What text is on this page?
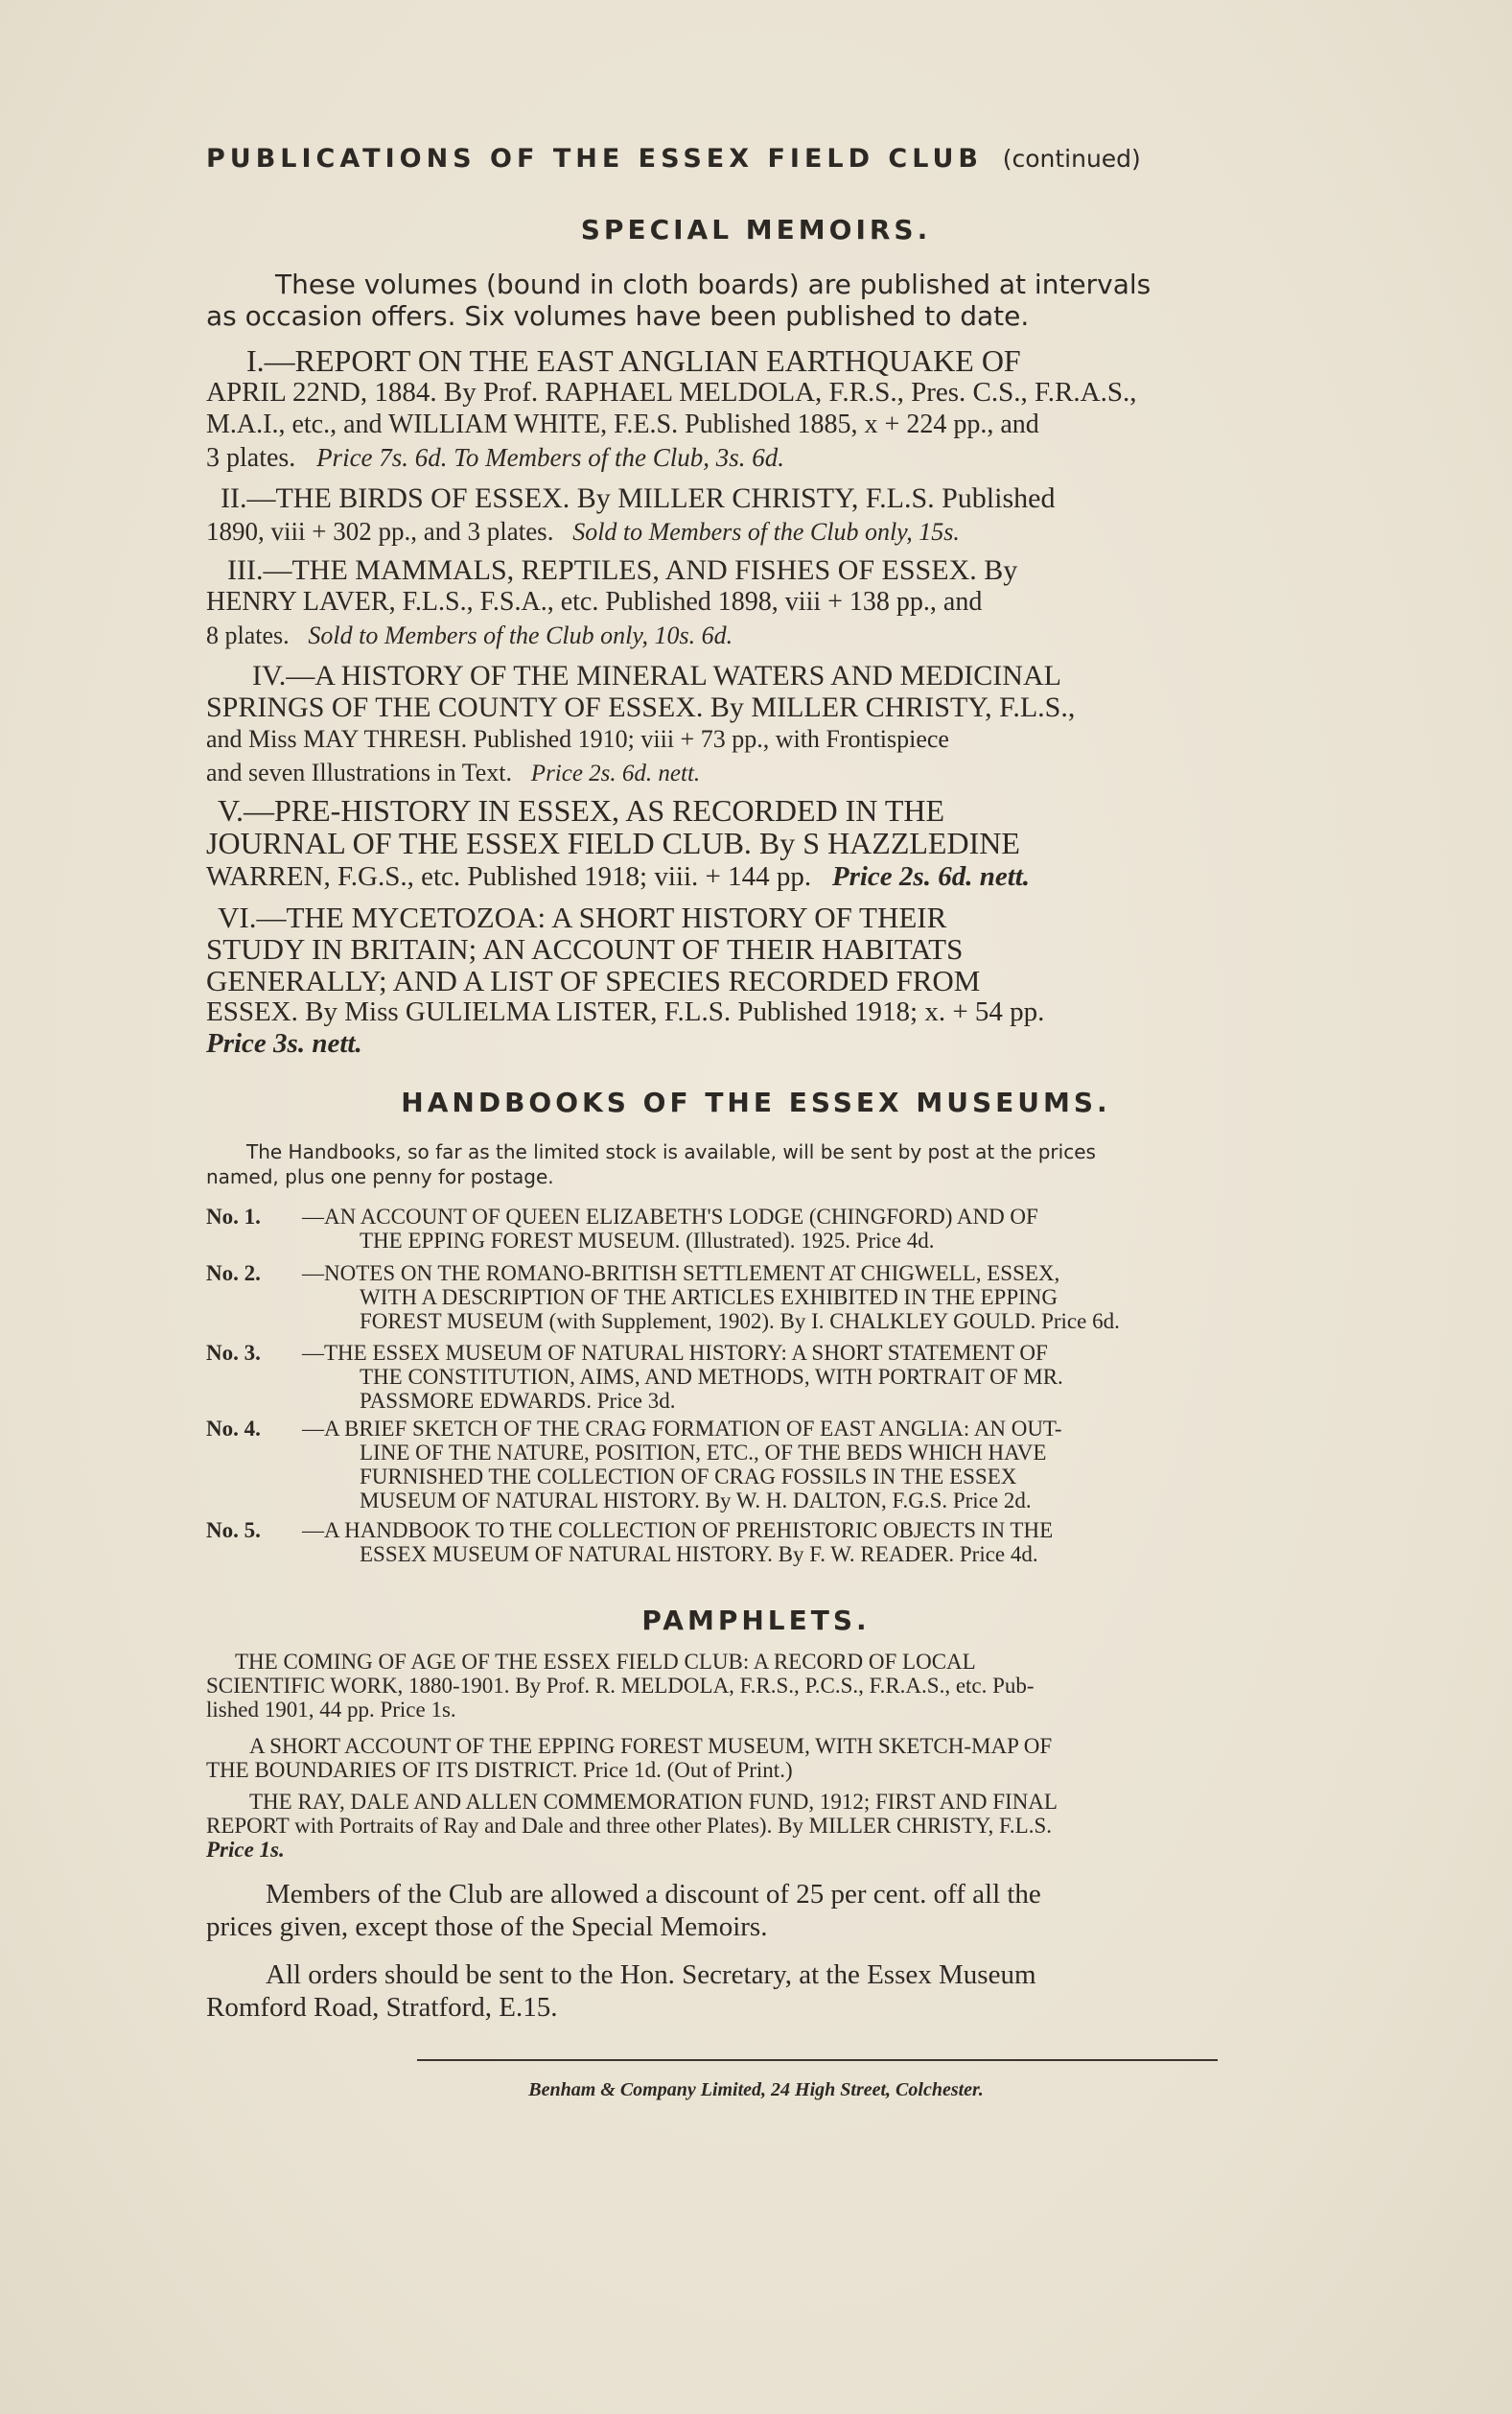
PUBLICATIONS OF THE ESSEX FIELD CLUB (continued)
SPECIAL MEMOIRS.
These volumes (bound in cloth boards) are published at intervals
as occasion offers. Six volumes have been published to date.
I.—REPORT ON THE EAST ANGLIAN EARTHQUAKE OF
APRIL 22ND, 1884. By Prof. RAPHAEL MELDOLA, F.R.S., Pres. C.S., F.R.A.S.,
M.A.I., etc., and WILLIAM WHITE, F.E.S. Published 1885, x + 224 pp., and
3 plates. Price 7s. 6d. To Members of the Club, 3s. 6d.
II.—THE BIRDS OF ESSEX. By MILLER CHRISTY, F.L.S. Published
1890, viii + 302 pp., and 3 plates. Sold to Members of the Club only, 15s.
III.—THE MAMMALS, REPTILES, AND FISHES OF ESSEX. By
HENRY LAVER, F.L.S., F.S.A., etc. Published 1898, viii + 138 pp., and
8 plates. Sold to Members of the Club only, 10s. 6d.
IV.—A HISTORY OF THE MINERAL WATERS AND MEDICINAL
SPRINGS OF THE COUNTY OF ESSEX. By MILLER CHRISTY, F.L.S.,
and Miss MAY THRESH. Published 1910; viii + 73 pp., with Frontispiece
and seven Illustrations in Text. Price 2s. 6d. nett.
V.—PRE-HISTORY IN ESSEX, AS RECORDED IN THE
JOURNAL OF THE ESSEX FIELD CLUB. By S HAZZLEDINE
WARREN, F.G.S., etc. Published 1918; viii. + 144 pp. Price 2s. 6d. nett.
VI.—THE MYCETOZOA: A SHORT HISTORY OF THEIR
STUDY IN BRITAIN; AN ACCOUNT OF THEIR HABITATS
GENERALLY; AND A LIST OF SPECIES RECORDED FROM
ESSEX. By Miss GULIELMA LISTER, F.L.S. Published 1918; x. + 54 pp.
Price 3s. nett.
HANDBOOKS OF THE ESSEX MUSEUMS.
The Handbooks, so far as the limited stock is available, will be sent by post at the prices
named, plus one penny for postage.
No. 1. —AN ACCOUNT OF QUEEN ELIZABETH'S LODGE (CHINGFORD) AND OF
THE EPPING FOREST MUSEUM. (Illustrated). 1925. Price 4d.
No. 2. —NOTES ON THE ROMANO-BRITISH SETTLEMENT AT CHIGWELL, ESSEX,
WITH A DESCRIPTION OF THE ARTICLES EXHIBITED IN THE EPPING
FOREST MUSEUM (with Supplement, 1902). By I. CHALKLEY GOULD. Price 6d.
No. 3. —THE ESSEX MUSEUM OF NATURAL HISTORY: A SHORT STATEMENT OF
THE CONSTITUTION, AIMS, AND METHODS, WITH PORTRAIT OF MR.
PASSMORE EDWARDS. Price 3d.
No. 4. —A BRIEF SKETCH OF THE CRAG FORMATION OF EAST ANGLIA: AN OUT-
LINE OF THE NATURE, POSITION, ETC., OF THE BEDS WHICH HAVE
FURNISHED THE COLLECTION OF CRAG FOSSILS IN THE ESSEX
MUSEUM OF NATURAL HISTORY. By W. H. DALTON, F.G.S. Price 2d.
No. 5. —A HANDBOOK TO THE COLLECTION OF PREHISTORIC OBJECTS IN THE
ESSEX MUSEUM OF NATURAL HISTORY. By F. W. READER. Price 4d.
PAMPHLETS.
THE COMING OF AGE OF THE ESSEX FIELD CLUB: A RECORD OF LOCAL
SCIENTIFIC WORK, 1880-1901. By Prof. R. MELDOLA, F.R.S., P.C.S., F.R.A.S., etc. Pub-
lished 1901, 44 pp. Price 1s.
A SHORT ACCOUNT OF THE EPPING FOREST MUSEUM, WITH SKETCH-MAP OF
THE BOUNDARIES OF ITS DISTRICT. Price 1d. (Out of Print.)
THE RAY, DALE AND ALLEN COMMEMORATION FUND, 1912; FIRST AND FINAL
REPORT with Portraits of Ray and Dale and three other Plates). By MILLER CHRISTY, F.L.S.
Price 1s.
Members of the Club are allowed a discount of 25 per cent. off all the
prices given, except those of the Special Memoirs.
All orders should be sent to the Hon. Secretary, at the Essex Museum
Romford Road, Stratford, E.15.
Benham & Company Limited, 24 High Street, Colchester.
